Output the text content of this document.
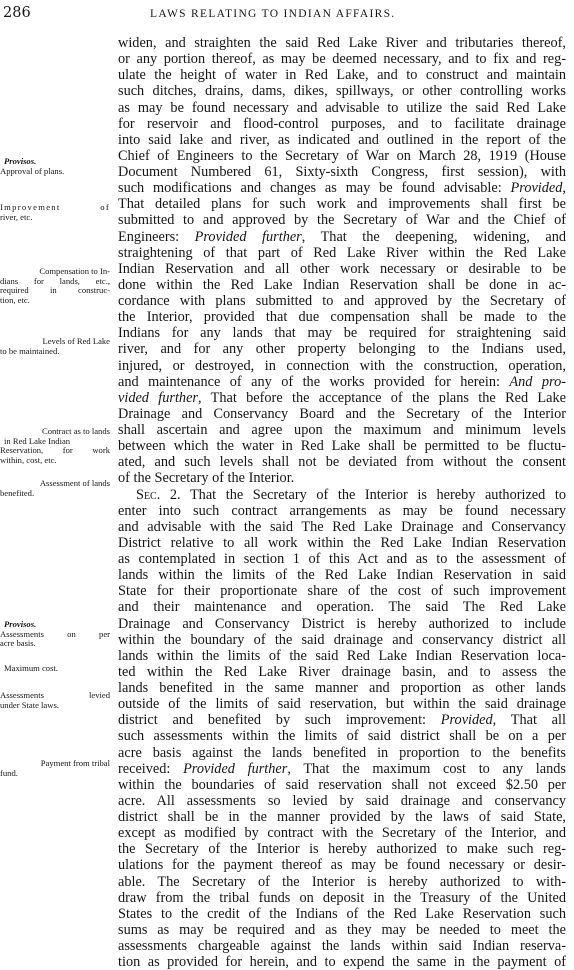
286	LAWS RELATING TO INDIAN AFFAIRS.
widen, and straighten the said Red Lake River and tributaries thereof,
or any portion thereof, as may be deemed necessary, and to fix and reg-
ulate the height of water in Red Lake, and to construct and maintain
such ditches, drains, dams, dikes, spillways, or other controlling works
as may be found necessary and advisable to utilize the said Red Lake
for reservoir and flood-control purposes, and to facilitate drainage
into said lake and river, as indicated and outlined in the report of the
Chief of Engineers to the Secretary of War on March 28, 1919 (House
Document Numbered 61, Sixty-sixth Congress, first session), with
such modifications and changes as may be found advisable: Provided,
That detailed plans for such work and improvements shall first be
submitted to and approved by the Secretary of War and the Chief of
Engineers: Provided further, That the deepening, widening, and
straightening of that part of Red Lake River within the Red Lake
Indian Reservation and all other work necessary or desirable to be
done within the Red Lake Indian Reservation shall be done in ac-
cordance with plans submitted to and approved by the Secretary of
the Interior, provided that due compensation shall be made to the
Indians for any lands that may be required for straightening said
river, and for any other property belonging to the Indians used,
injured, or destroyed, in connection with the construction, operation,
and maintenance of any of the works provided for herein: And pro-
vided further, That before the acceptance of the plans the Red Lake
Drainage and Conservancy Board and the Secretary of the Interior
shall ascertain and agree upon the maximum and minimum levels
between which the water in Red Lake shall be permitted to be fluctu-
ated, and such levels shall not be deviated from without the consent
of the Secretary of the Interior.
Sec. 2. That the Secretary of the Interior is hereby authorized to
enter into such contract arrangements as may be found necessary
and advisable with the said The Red Lake Drainage and Conservancy
District relative to all work within the Red Lake Indian Reservation
as contemplated in section 1 of this Act and as to the assessment of
lands within the limits of the Red Lake Indian Reservation in said
State for their proportionate share of the cost of such improvement
and their maintenance and operation. The said The Red Lake
Drainage and Conservancy District is hereby authorized to include
within the boundary of the said drainage and conservancy district all
lands within the limits of the said Red Lake Indian Reservation loca-
ted within the Red Lake River drainage basin, and to assess the
lands benefited in the same manner and proportion as other lands
outside of the limits of said reservation, but within the said drainage
district and benefited by such improvement: Provided, That all
such assessments within the limits of said district shall be on a per
acre basis against the lands benefited in proportion to the benefits
received: Provided further, That the maximum cost to any lands
within the boundaries of said reservation shall not exceed $2.50 per
acre. All assessments so levied by said drainage and conservancy
district shall be in the manner provided by the laws of said State,
except as modified by contract with the Secretary of the Interior, and
the Secretary of the Interior is hereby authorized to make such reg-
ulations for the payment thereof as may be found necessary or desir-
able. The Secretary of the Interior is hereby authorized to with-
draw from the tribal funds on deposit in the Treasury of the United
States to the credit of the Indians of the Red Lake Reservation such
sums as may be required and as they may be needed to meet the
assessments chargeable against the lands within said Indian reserva-
tion as provided for herein, and to expend the same in the payment of
Provisos.
Approval of plans.
Improvement of
river, etc.
Compensation to In-
dians for lands, etc.,
required in construc-
tion, etc.
Levels of Red Lake
to be maintained.
Contract as to lands
in Red Lake Indian
Reservation, for work
within, cost, etc.
Assessment of lands
benefited.
Provisos.
Assessments on per
acre basis.
Maximum cost.
Assessments levied
under State laws.
Payment from tribal
fund.
